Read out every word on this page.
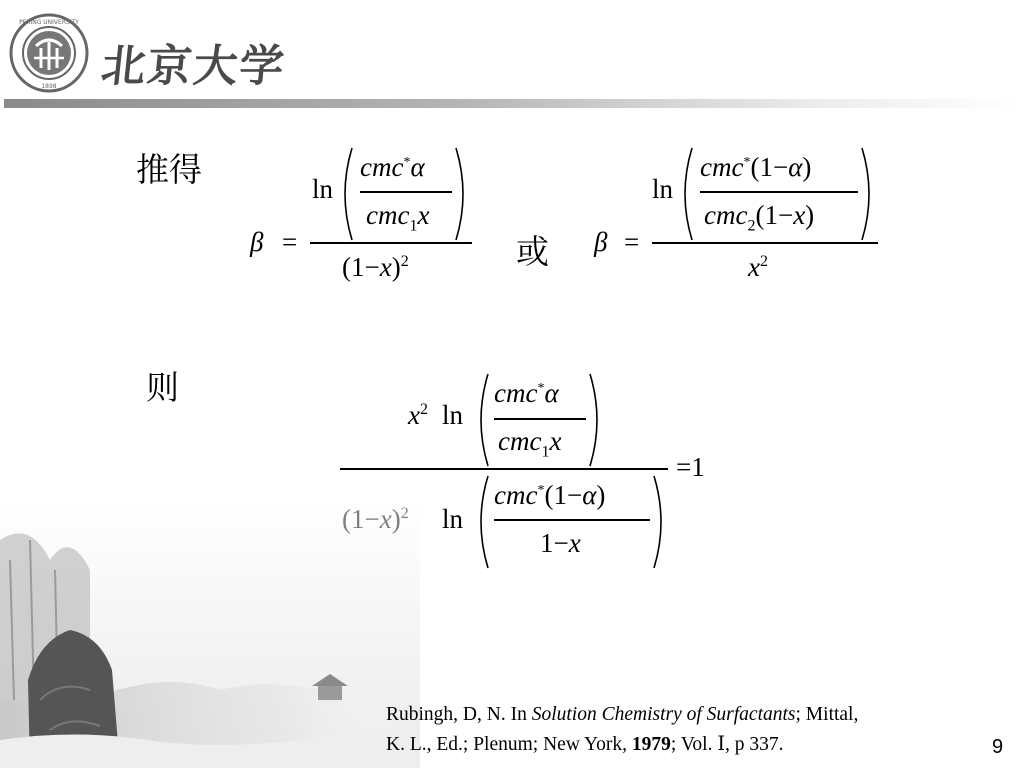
PEKING UNIVERSITY
1898 北京大学
推得
β =
ln
cmc*α
cmc$_1$x
$(1-x)^2$	或 β =
ln
cmc*(1−α)
cmc$_2$(1−x)
$x^2$
则
$x^2$ ln
cmc*α
cmc$_1$x
=1
ln
cmc*(1−α)
1−x
Rubingh, D, N. In Solution Chemistry of Surfactants; Mittal,
K. L., Ed.; Plenum; New York, 1979; Vol. Ⅰ, p 337.	9
